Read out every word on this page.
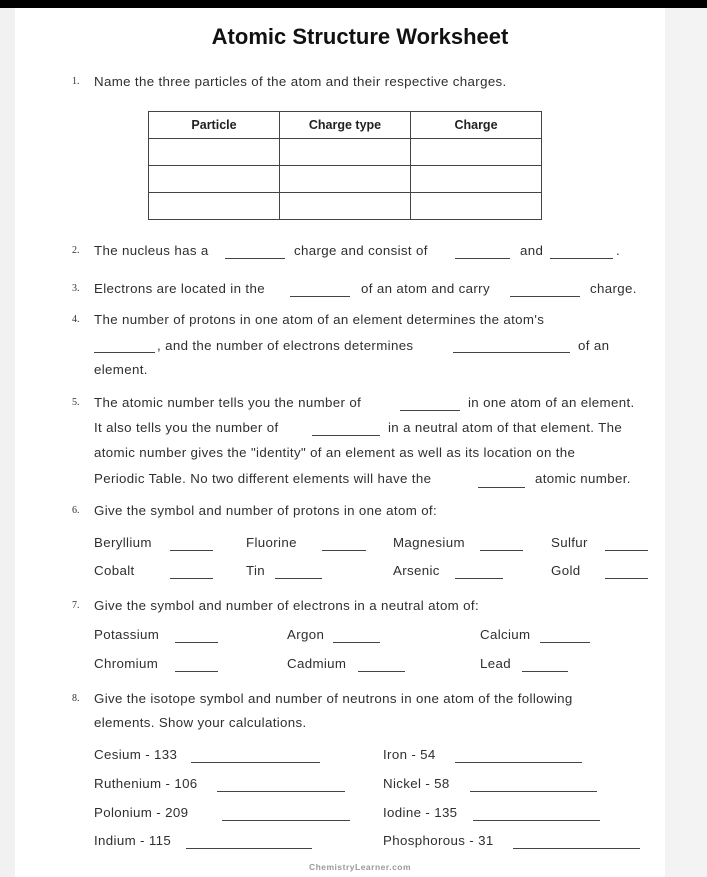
Atomic Structure Worksheet
1. Name the three particles of the atom and their respective charges.
Particle	Charge type	Charge

2. The nucleus has a	charge and consist of	and	.
3. Electrons are located in the	of an atom and carry	charge.
4. The number of protons in one atom of an element determines the atom's
, and the number of electrons determines	of an
element.
5. The atomic number tells you the number of	in one atom of an element.
It also tells you the number of	in a neutral atom of that element. The
atomic number gives the "identity" of an element as well as its location on the
Periodic Table. No two different elements will have the	atomic number.
6. Give the symbol and number of protons in one atom of:
Beryllium	Fluorine	Magnesium	Sulfur
Cobalt	Tin	Arsenic	Gold
7. Give the symbol and number of electrons in a neutral atom of:
Potassium	Argon	Calcium
Chromium	Cadmium	Lead
8. Give the isotope symbol and number of neutrons in one atom of the following
elements. Show your calculations.
Cesium - 133	Iron - 54
Ruthenium - 106	Nickel - 58
Polonium - 209	Iodine - 135
Indium - 115	Phosphorous - 31
ChemistryLearner.com
